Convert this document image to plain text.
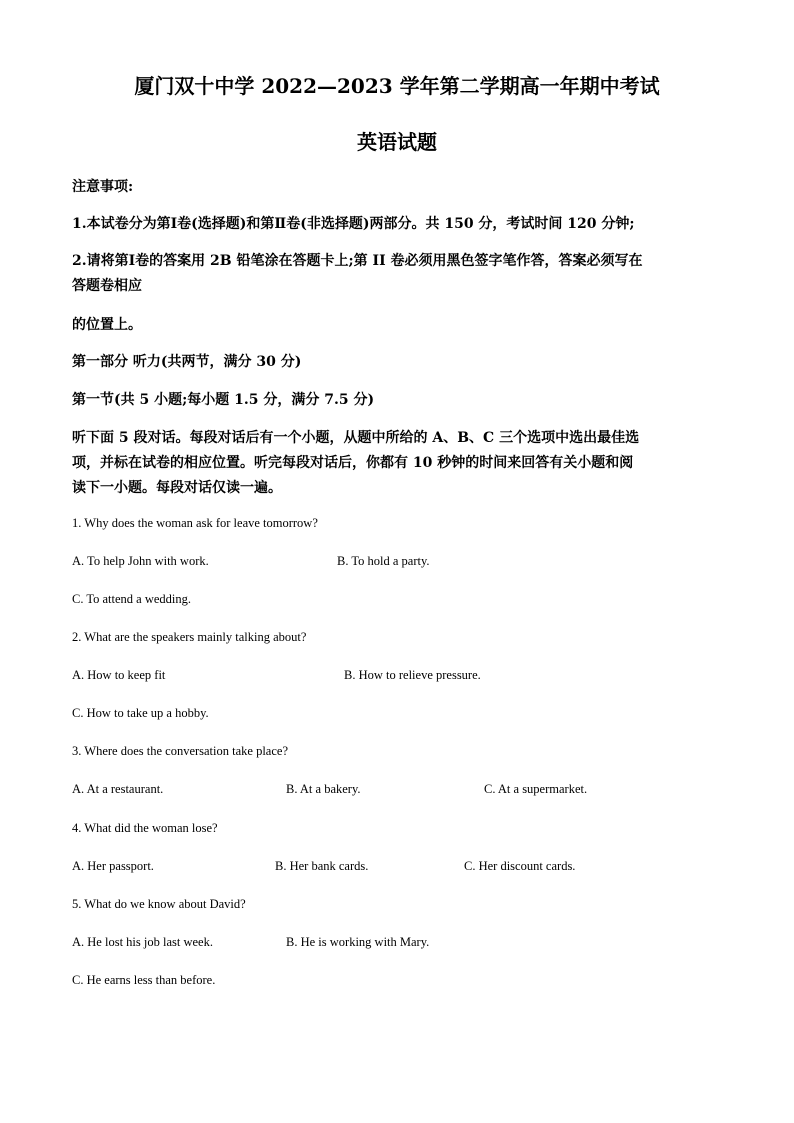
厦门双十中学 2022—2023 学年第二学期高一年期中考试
英语试题
注意事项:
1.本试卷分为第Ⅰ卷(选择题)和第Ⅱ卷(非选择题)两部分。共 150 分，考试时间 120 分钟;
2.请将第Ⅰ卷的答案用 2B 铅笔涂在答题卡上;第 II 卷必须用黑色签字笔作答，答案必须写在
答题卷相应
的位置上。
第一部分 听力(共两节，满分 30 分)
第一节(共 5 小题;每小题 1.5 分，满分 7.5 分)
听下面 5 段对话。每段对话后有一个小题，从题中所给的 A、B、C 三个选项中选出最佳选
项，并标在试卷的相应位置。听完每段对话后，你都有 10 秒钟的时间来回答有关小题和阅
读下一小题。每段对话仅读一遍。
1. Why does the woman ask for leave tomorrow?
A. To help John with work.	B. To hold a party.
C. To attend a wedding.
2. What are the speakers mainly talking about?
A. How to keep fit	B. How to relieve pressure.
C. How to take up a hobby.
3. Where does the conversation take place?
A. At a restaurant.	B. At a bakery.	C. At a supermarket.
4. What did the woman lose?
A. Her passport.	B. Her bank cards.	C. Her discount cards.
5. What do we know about David?
A. He lost his job last week.	B. He is working with Mary.
C. He earns less than before.
